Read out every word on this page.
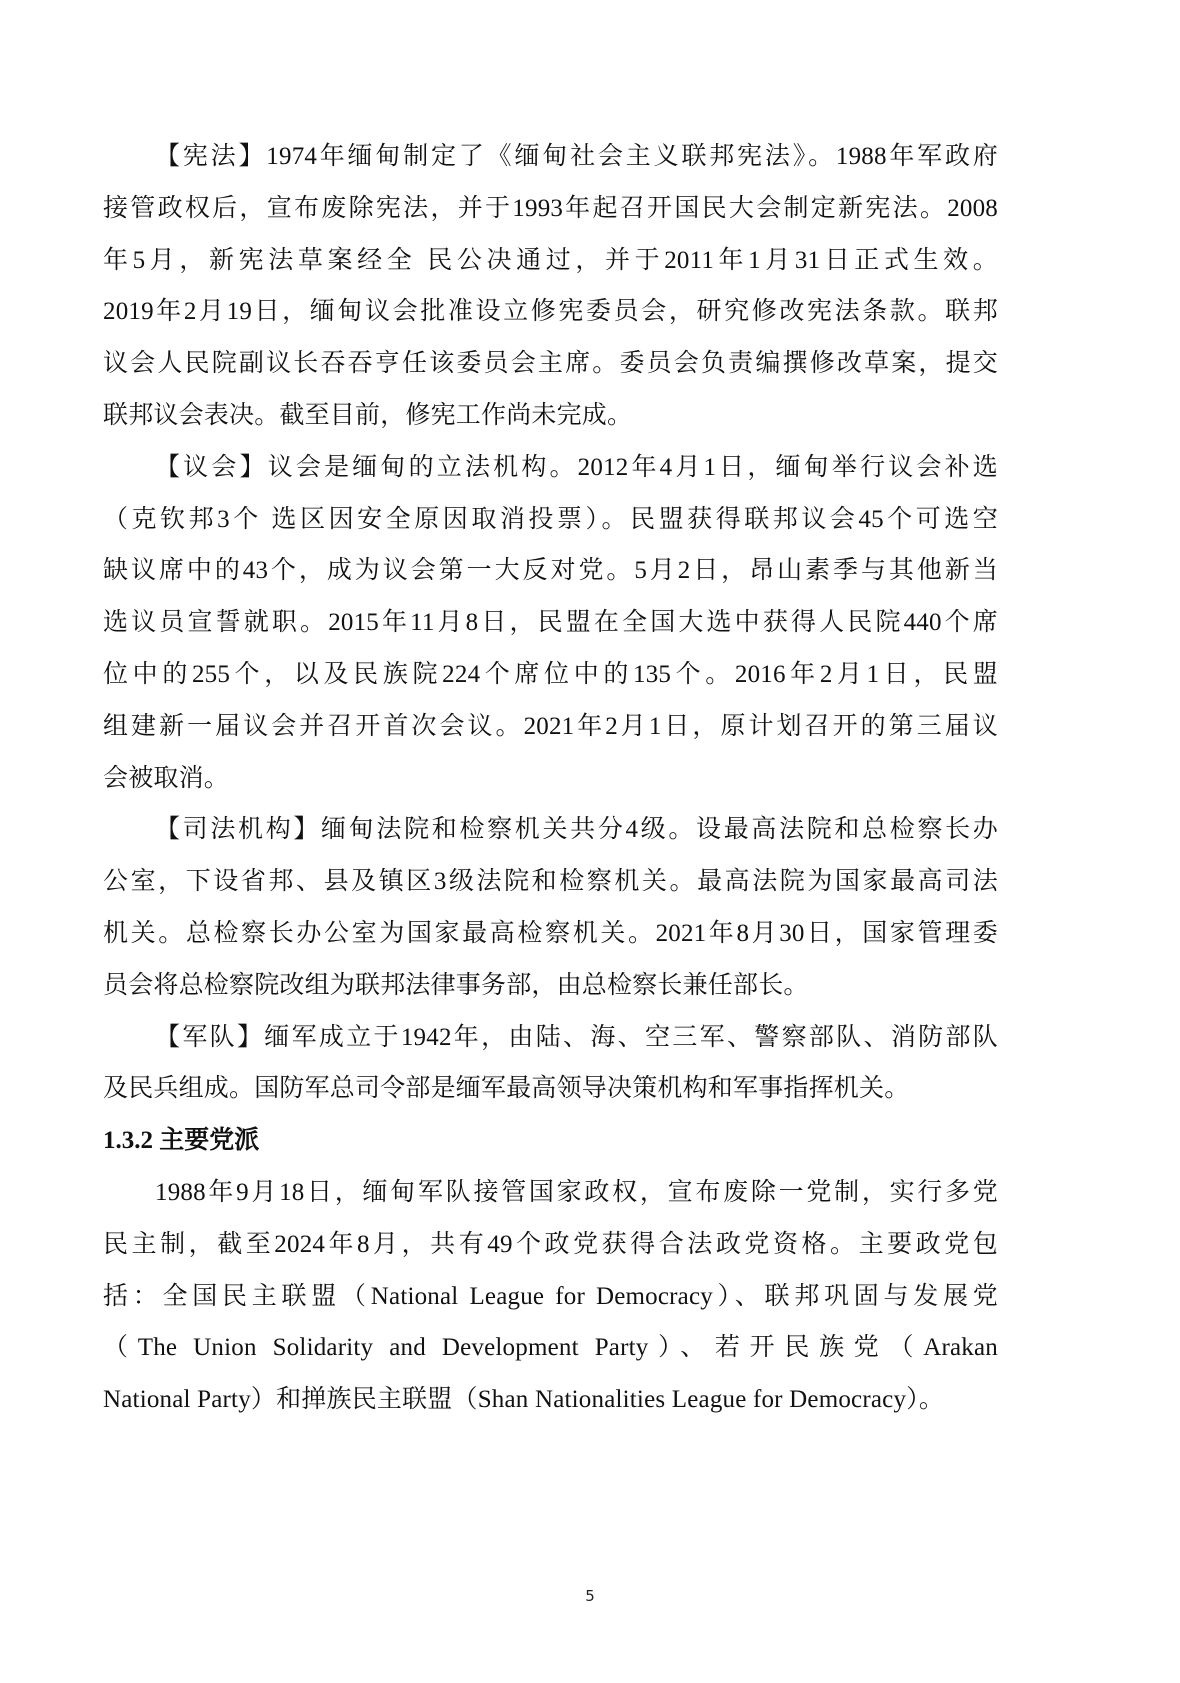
【宪法】1974年缅甸制定了《缅甸社会主义联邦宪法》。1988年军政府
接管政权后，宣布废除宪法，并于1993年起召开国民大会制定新宪法。2008
年5月，新宪法草案经全 民公决通过，并于2011年1月31日正式生效。
2019年2月19日，缅甸议会批准设立修宪委员会，研究修改宪法条款。联邦
议会人民院副议长吞吞亨任该委员会主席。委员会负责编撰修改草案，提交
联邦议会表决。截至目前，修宪工作尚未完成。
【议会】议会是缅甸的立法机构。2012年4月1日，缅甸举行议会补选
（克钦邦3个 选区因安全原因取消投票）。民盟获得联邦议会45个可选空
缺议席中的43个，成为议会第一大反对党。5月2日，昂山素季与其他新当
选议员宣誓就职。2015年11月8日，民盟在全国大选中获得人民院440个席
位中的255个，以及民族院224个席位中的135个。2016年2月1日，民盟
组建新一届议会并召开首次会议。2021年2月1日，原计划召开的第三届议
会被取消。
【司法机构】缅甸法院和检察机关共分4级。设最高法院和总检察长办
公室，下设省邦、县及镇区3级法院和检察机关。最高法院为国家最高司法
机关。总检察长办公室为国家最高检察机关。2021年8月30日，国家管理委
员会将总检察院改组为联邦法律事务部，由总检察长兼任部长。
【军队】缅军成立于1942年，由陆、海、空三军、警察部队、消防部队
及民兵组成。国防军总司令部是缅军最高领导决策机构和军事指挥机关。
1.3.2 主要党派
1988年9月18日，缅甸军队接管国家政权，宣布废除一党制，实行多党
民主制，截至2024年8月，共有49个政党获得合法政党资格。主要政党包
括：全国民主联盟（National League for Democracy）、联邦巩固与发展党
（The Union Solidarity and Development Party）、若开民族党（Arakan
National Party）和掸族民主联盟（Shan Nationalities League for Democracy）。
5
